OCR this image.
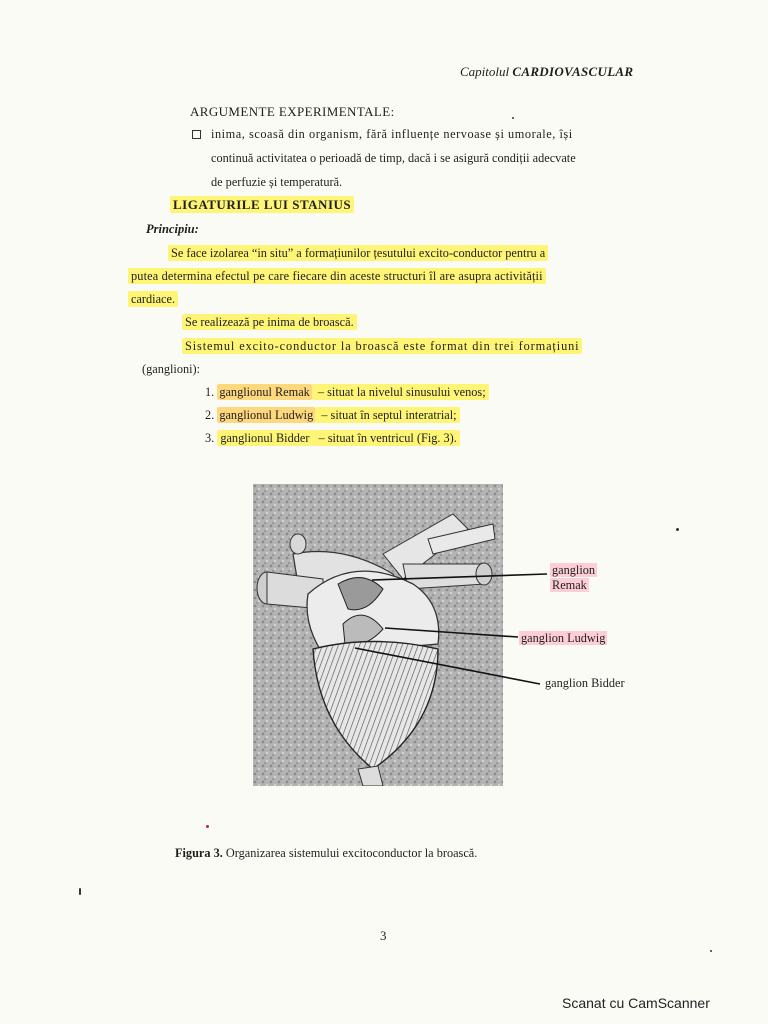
Capitolul CARDIOVASCULAR
ARGUMENTE EXPERIMENTALE:
inima, scoasă din organism, fără influențe nervoase și umorale, își
continuă activitatea o perioadă de timp, dacă i se asigură condiții adecvate
de perfuzie și temperatură.
LIGATURILE LUI STANIUS
Principiu:
Se face izolarea “in situ” a formațiunilor țesutului excito-conductor pentru a
putea determina efectul pe care fiecare din aceste structuri îl are asupra activității
cardiace.
Se realizează pe inima de broască.
Sistemul excito-conductor la broască este format din trei formațiuni
(ganglioni):
1. ganglionul Remak – situat la nivelul sinusului venos;
2. ganglionul Ludwig – situat în septul interatrial;
3. ganglionul Bidder – situat în ventricul (Fig. 3).
ganglion
Remak
ganglion Ludwig
ganglion Bidder
Figura 3. Organizarea sistemului excitoconductor la broască.
3
Scanat cu CamScanner
